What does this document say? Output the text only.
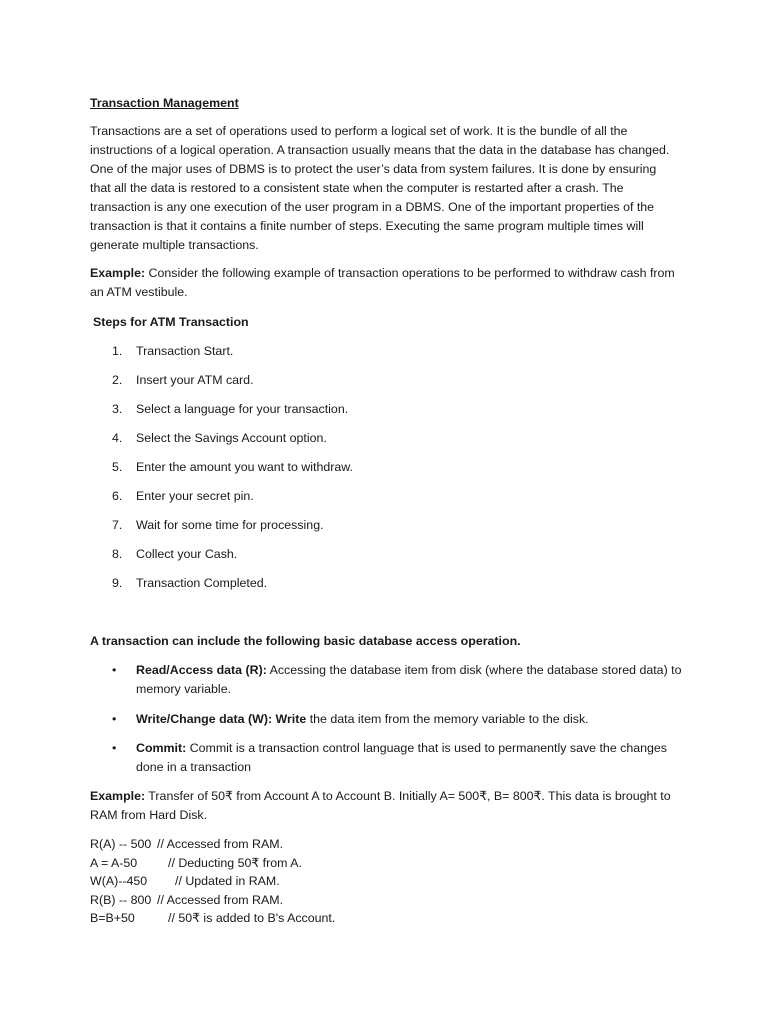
Transaction Management
Transactions are a set of operations used to perform a logical set of work. It is the bundle of all the instructions of a logical operation. A transaction usually means that the data in the database has changed. One of the major uses of DBMS is to protect the user’s data from system failures. It is done by ensuring that all the data is restored to a consistent state when the computer is restarted after a crash. The transaction is any one execution of the user program in a DBMS. One of the important properties of the transaction is that it contains a finite number of steps. Executing the same program multiple times will generate multiple transactions.
Example: Consider the following example of transaction operations to be performed to withdraw cash from an ATM vestibule.
Steps for ATM Transaction
1. Transaction Start.
2. Insert your ATM card.
3. Select a language for your transaction.
4. Select the Savings Account option.
5. Enter the amount you want to withdraw.
6. Enter your secret pin.
7. Wait for some time for processing.
8. Collect your Cash.
9. Transaction Completed.
A transaction can include the following basic database access operation.
• Read/Access data (R): Accessing the database item from disk (where the database stored data) to memory variable.
• Write/Change data (W): Write the data item from the memory variable to the disk.
• Commit: Commit is a transaction control language that is used to permanently save the changes done in a transaction
Example: Transfer of 50₹ from Account A to Account B. Initially A= 500₹, B= 800₹. This data is brought to RAM from Hard Disk.
R(A) -- 500 // Accessed from RAM.
A = A-50 // Deducting 50₹ from A.
W(A)--450 // Updated in RAM.
R(B) -- 800 // Accessed from RAM.
B=B+50	// 50₹ is added to B's Account.
